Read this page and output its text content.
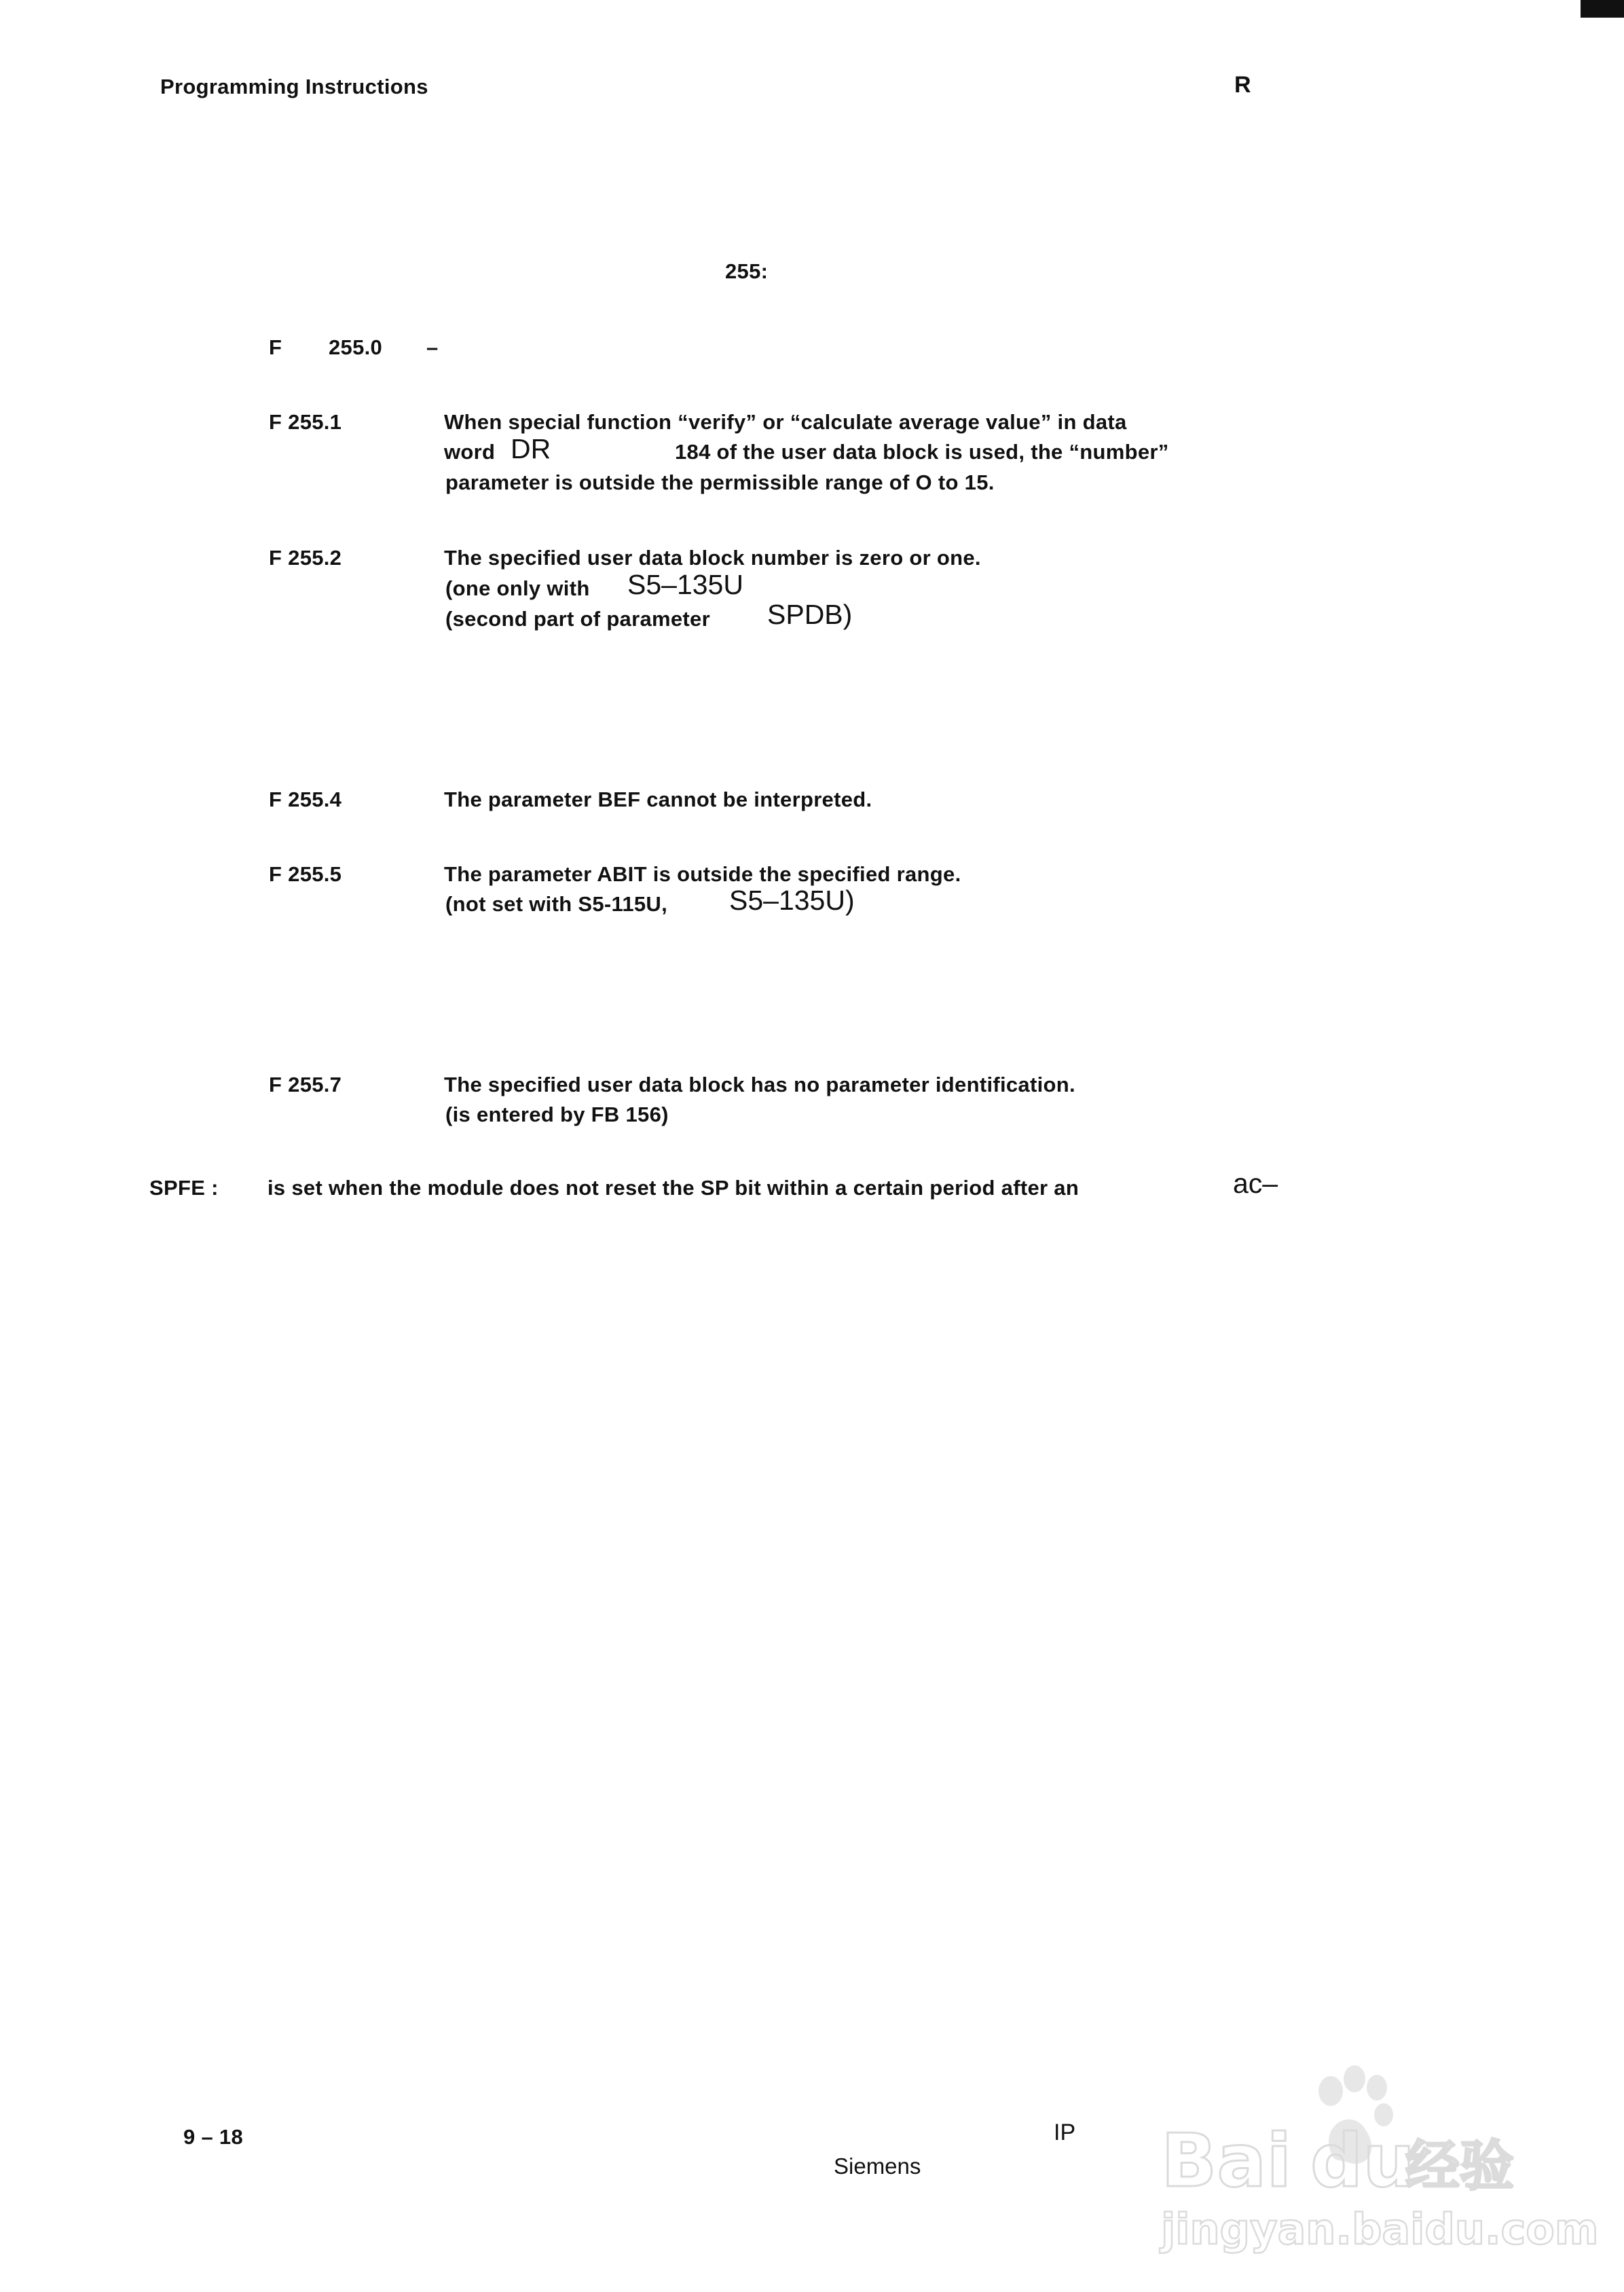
Programming Instructions	R
255:
F 255.0 –
F 255.1	When special function “verify” or “calculate average value” in data
word DR	184 of the user data block is used, the “number”
parameter is outside the permissible range of O to 15.
F 255.2	The specified user data block number is zero or one.
(one only with S5–135U
(second part of parameter SPDB)
F 255.4	The parameter BEF cannot be interpreted.
F 255.5	The parameter ABIT is outside the specified range.
(not set with S5-115U, S5–135U)
F 255.7	The specified user data block has no parameter identification.
(is entered by FB 156)
SPFE : is set when the module does not reset the SP bit within a certain period after an	ac–
9 – 18	IP
Siemens	Bai du
经验
jingyan.baidu.com
